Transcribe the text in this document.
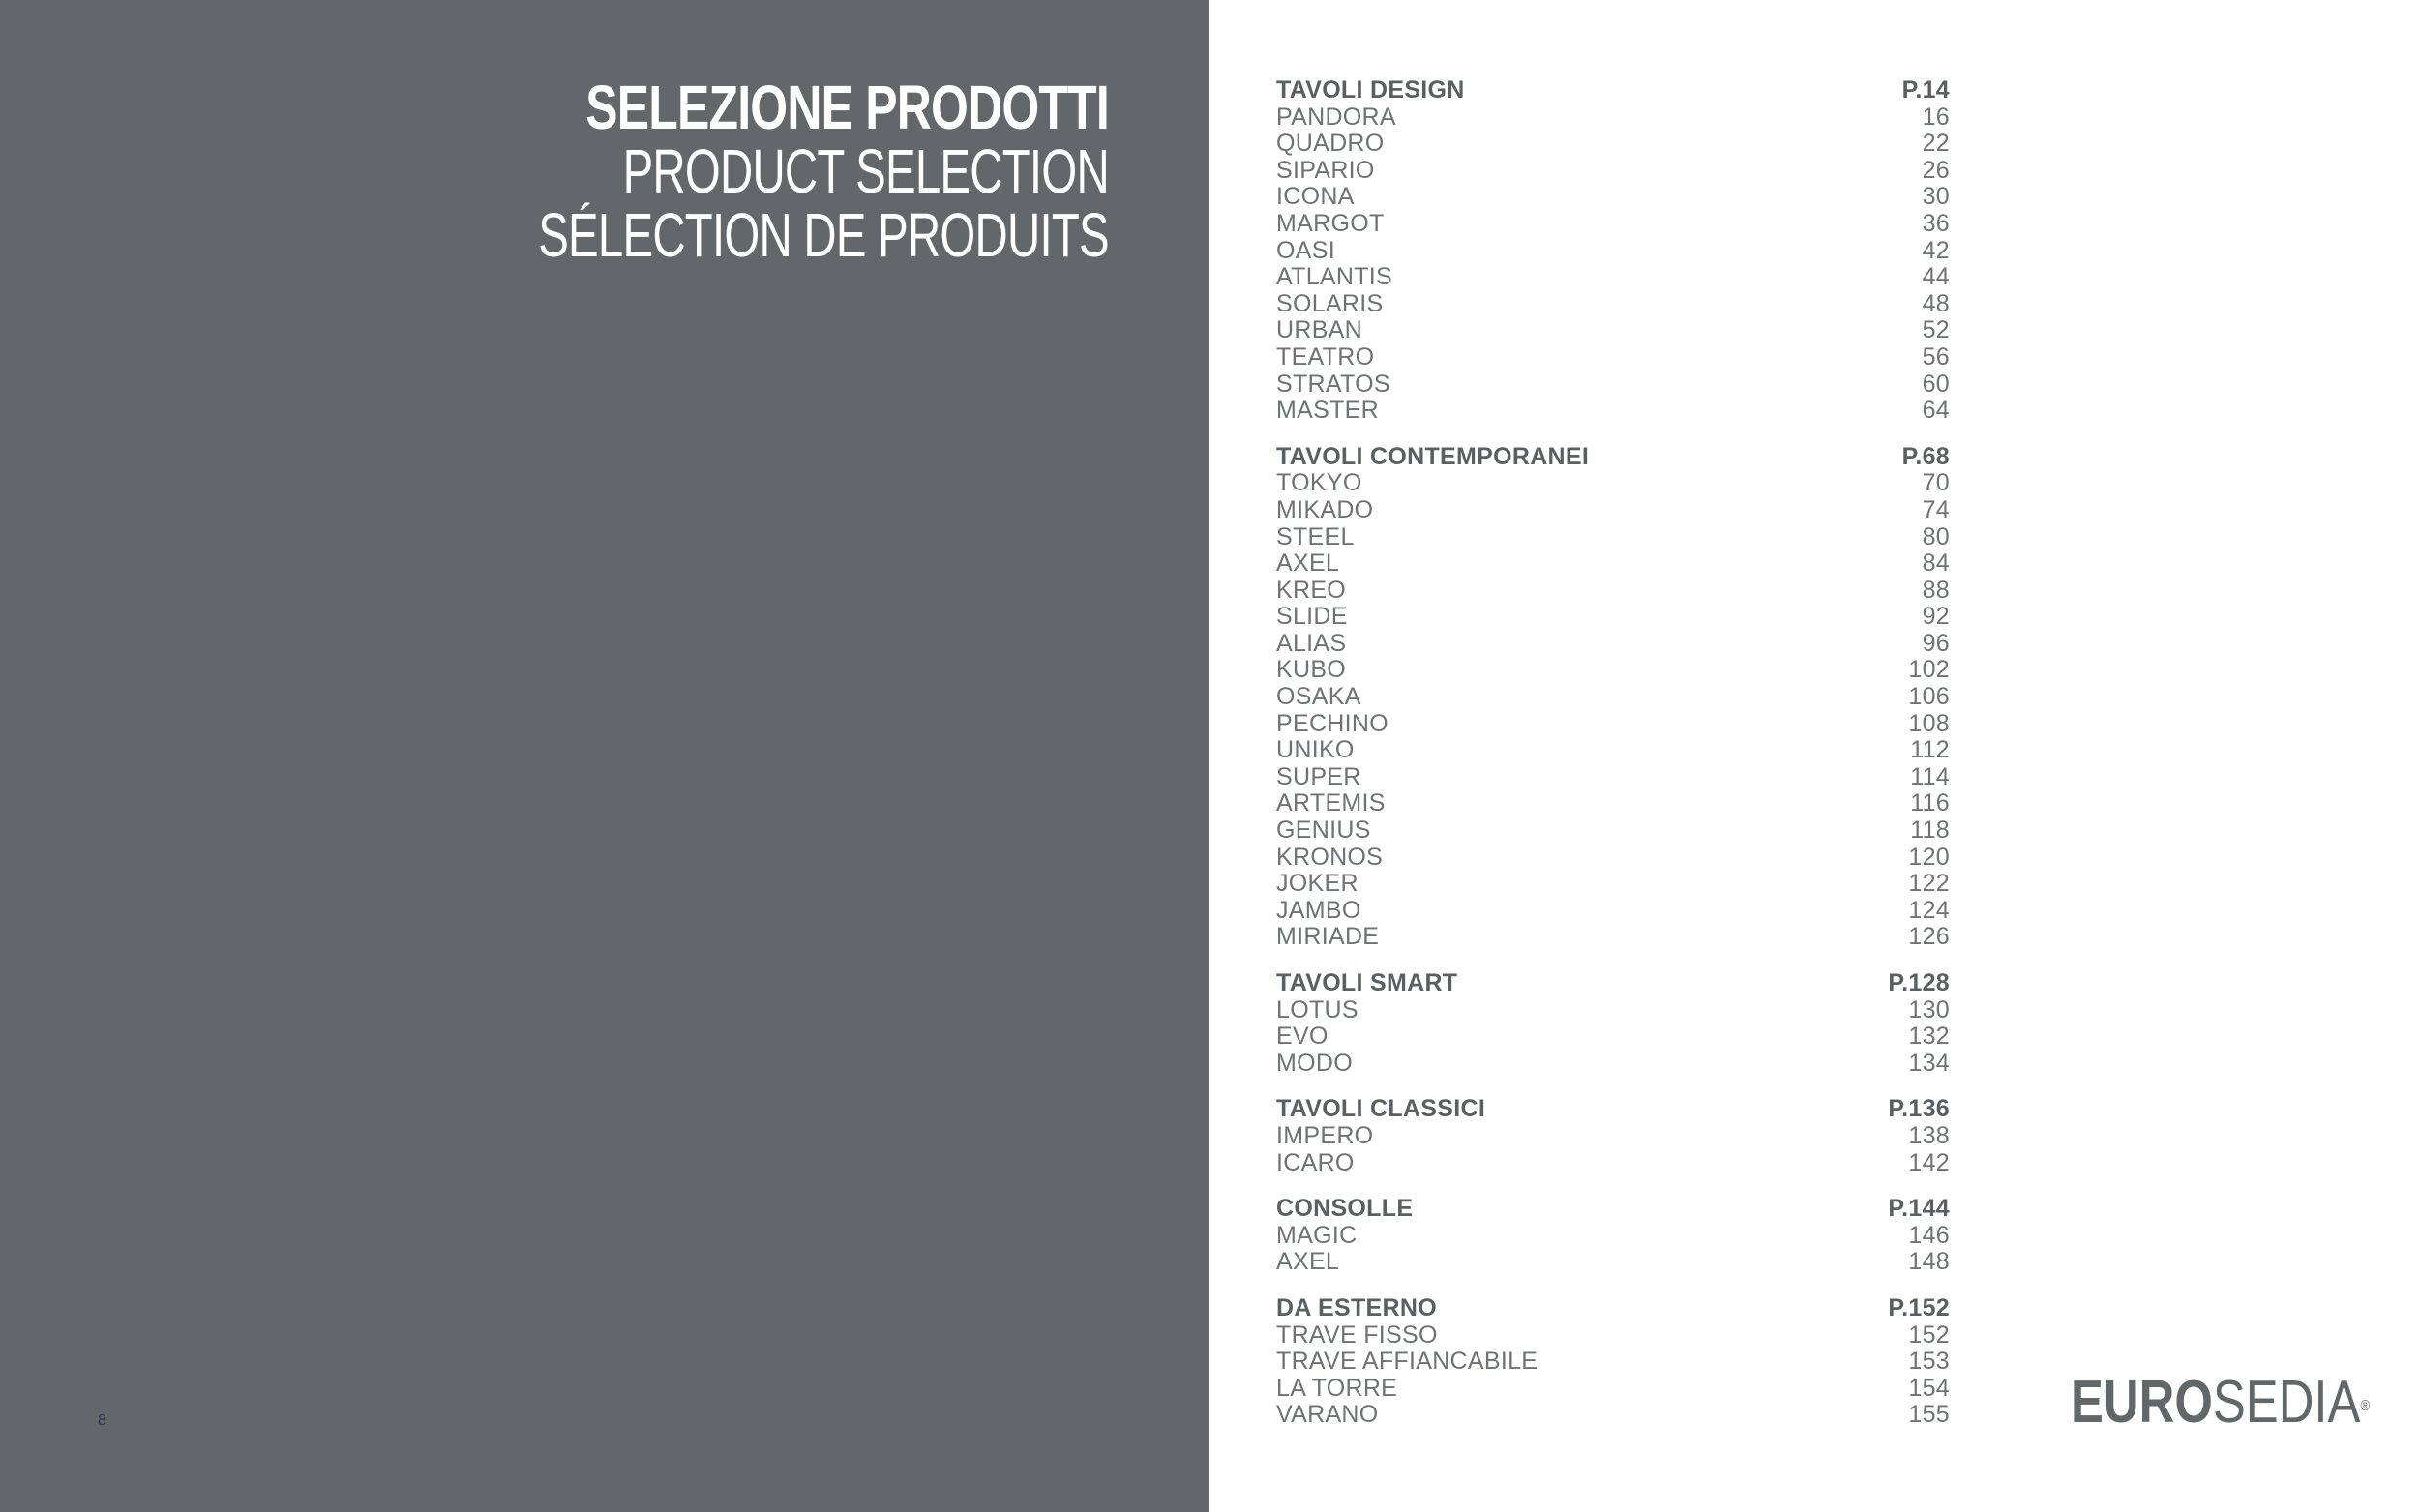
SELEZIONE PRODOTTI
PRODUCT SELECTION
SÉLECTION DE PRODUITS
8
TAVOLI DESIGN	P.14
PANDORA	16
QUADRO	22
SIPARIO	26
ICONA	30
MARGOT	36
OASI	42
ATLANTIS	44
SOLARIS	48
URBAN	52
TEATRO	56
STRATOS	60
MASTER	64
TAVOLI CONTEMPORANEI	P.68
TOKYO	70
MIKADO	74
STEEL	80
AXEL	84
KREO	88
SLIDE	92
ALIAS	96
KUBO	102
OSAKA	106
PECHINO	108
UNIKO	112
SUPER	114
ARTEMIS	116
GENIUS	118
KRONOS	120
JOKER	122
JAMBO	124
MIRIADE	126
TAVOLI SMART	P.128
LOTUS	130
EVO	132
MODO	134
TAVOLI CLASSICI	P.136
IMPERO	138
ICARO	142
CONSOLLE	P.144
MAGIC	146
AXEL	148
DA ESTERNO	P.152
TRAVE FISSO	152
TRAVE AFFIANCABILE	153
LA TORRE	154
VARANO	155 EUROSEDIA®
